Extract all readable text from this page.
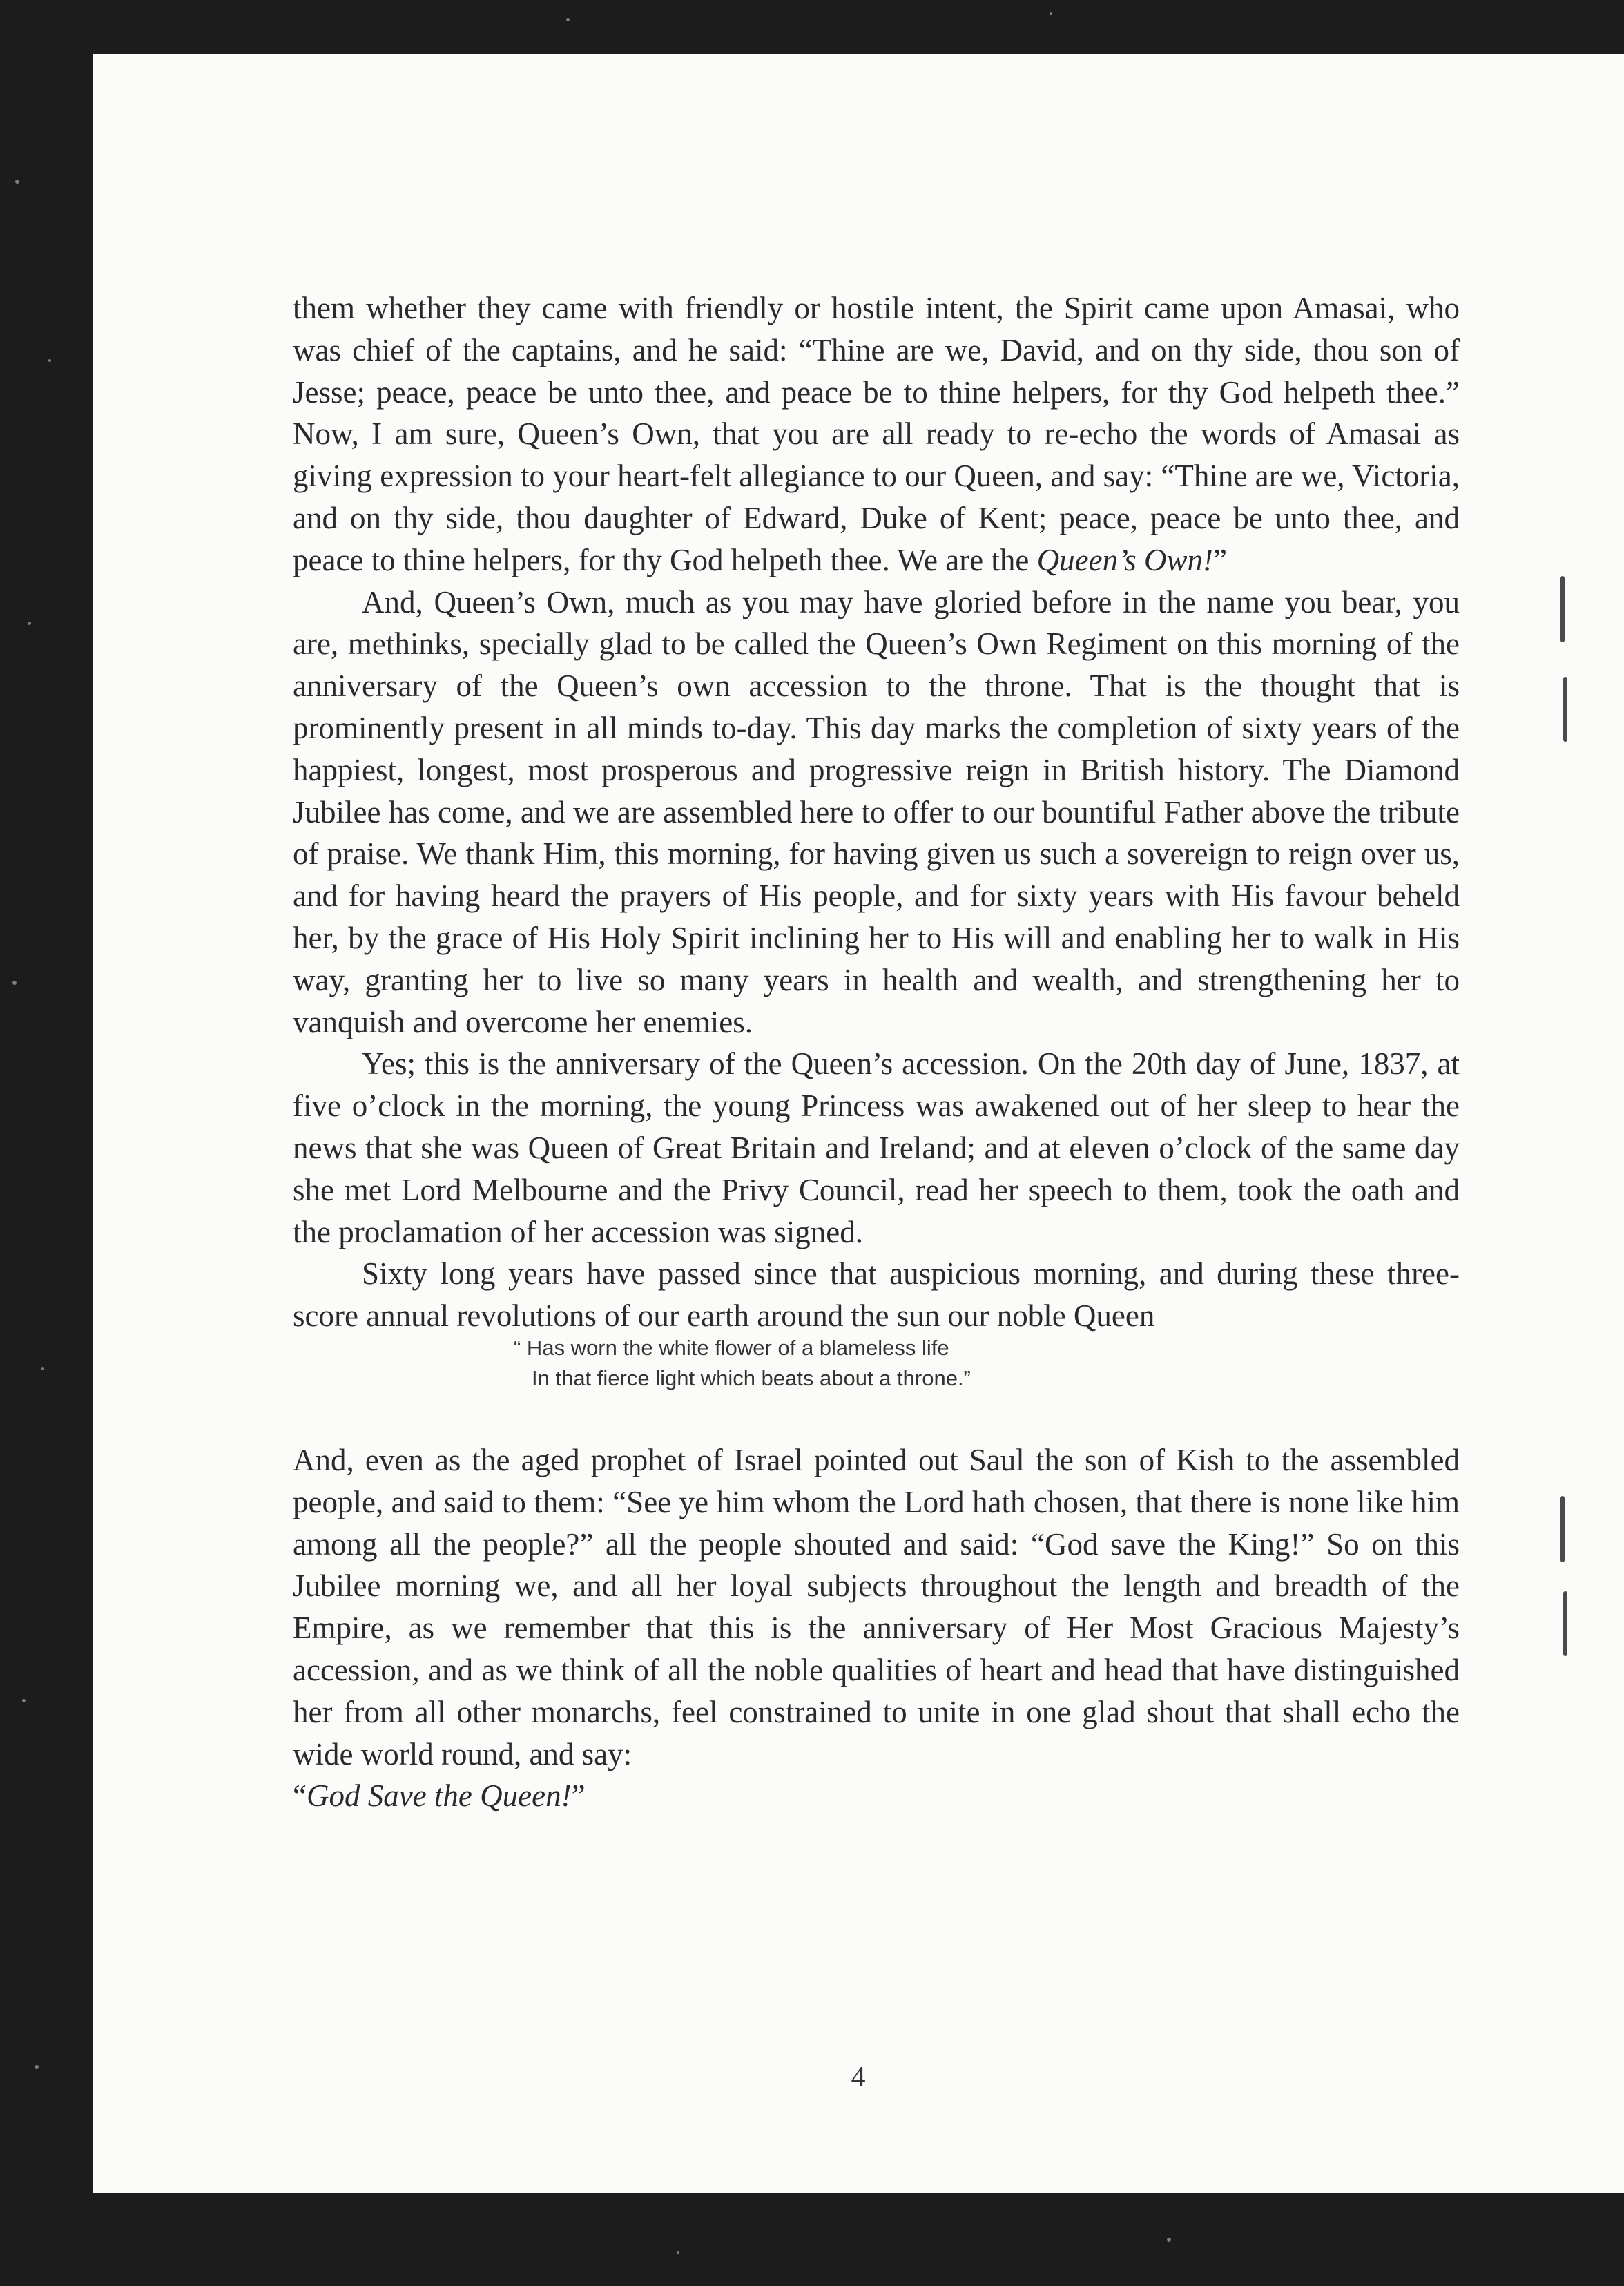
them whether they came with friendly or hostile intent, the Spirit came upon Amasai, who was chief of the captains, and he said: “Thine are we, David, and on thy side, thou son of Jesse; peace, peace be unto thee, and peace be to thine helpers, for thy God helpeth thee.” Now, I am sure, Queen’s Own, that you are all ready to re-echo the words of Amasai as giving expression to your heart-felt allegiance to our Queen, and say: “Thine are we, Victoria, and on thy side, thou daughter of Edward, Duke of Kent; peace, peace be unto thee, and peace to thine helpers, for thy God helpeth thee. We are the Queen’s Own!”

And, Queen’s Own, much as you may have gloried before in the name you bear, you are, methinks, specially glad to be called the Queen’s Own Regiment on this morning of the anniversary of the Queen’s own accession to the throne. That is the thought that is prominently present in all minds to-day. This day marks the completion of sixty years of the happiest, longest, most prosperous and progressive reign in British history. The Diamond Jubilee has come, and we are assembled here to offer to our bountiful Father above the tribute of praise. We thank Him, this morning, for having given us such a sovereign to reign over us, and for having heard the prayers of His people, and for sixty years with His favour beheld her, by the grace of His Holy Spirit inclining her to His will and enabling her to walk in His way, granting her to live so many years in health and wealth, and strengthening her to vanquish and overcome her enemies.

Yes; this is the anniversary of the Queen’s accession. On the 20th day of June, 1837, at five o’clock in the morning, the young Princess was awakened out of her sleep to hear the news that she was Queen of Great Britain and Ireland; and at eleven o’clock of the same day she met Lord Melbourne and the Privy Council, read her speech to them, took the oath and the proclamation of her accession was signed.

Sixty long years have passed since that auspicious morning, and during these three-score annual revolutions of our earth around the sun our noble Queen

“ Has worn the white flower of a blameless life
In that fierce light which beats about a throne.”

And, even as the aged prophet of Israel pointed out Saul the son of Kish to the assembled people, and said to them: “See ye him whom the Lord hath chosen, that there is none like him among all the people?” all the people shouted and said: “God save the King!” So on this Jubilee morning we, and all her loyal subjects throughout the length and breadth of the Empire, as we remember that this is the anniversary of Her Most Gracious Majesty’s accession, and as we think of all the noble qualities of heart and head that have distinguished her from all other monarchs, feel constrained to unite in one glad shout that shall echo the wide world round, and say:
“God Save the Queen!”

4
